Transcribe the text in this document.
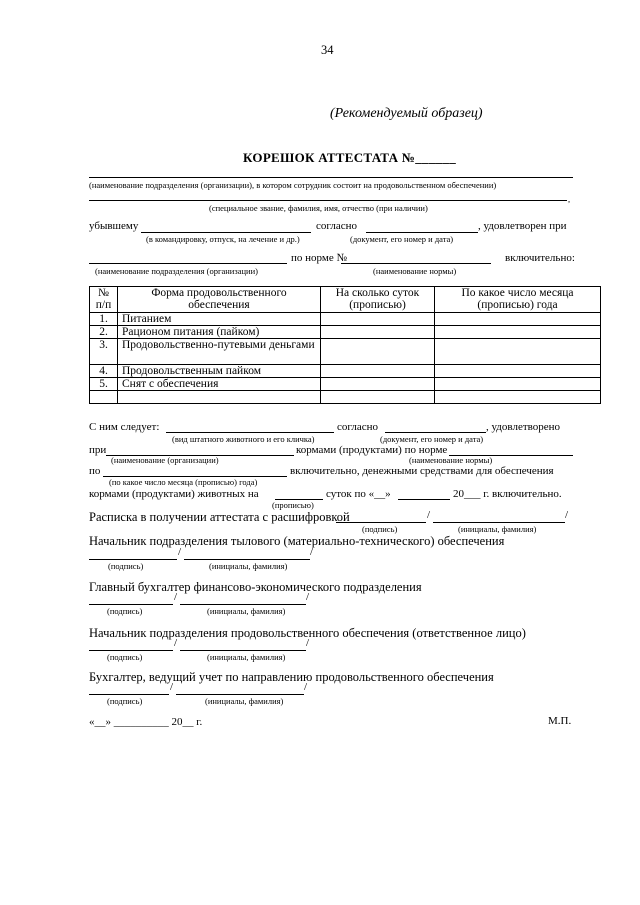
34
(Рекомендуемый образец)
КОРЕШОК АТТЕСТАТА №______
(наименование подразделения (организации), в котором сотрудник состоит на продовольственном обеспечении)
,
(специальное звание, фамилия, имя, отчество (при наличии)
убывшему	согласно	, удовлетворен при
(в командировку, отпуск, на лечение и др.)	(документ, его номер и дата)
по норме №	включительно:
(наименование подразделения (организации)	(наименование нормы)
№ п/п	Форма продовольственного обеспечения	На сколько суток (прописью)	По какое число месяца (прописью) года
1.	Питанием		
2.	Рационом питания (пайком)		
3.	Продовольственно-путевыми деньгами		
4.	Продовольственным пайком		
5.	Снят с обеспечения		

С ним следует:	согласно	, удовлетворено
(вид штатного животного и его кличка)	(документ, его номер и дата)
при	кормами (продуктами) по норме
(наименование (организации)	(наименование нормы)
по	включительно, денежными средствами для обеспечения
(по какое число месяца (прописью) года)
кормами (продуктами) животных на	суток по «__»	20___ г. включительно.
(прописью)
Расписка в получении аттестата с расшифровкой	/	/
(подпись)	(инициалы, фамилия)
Начальник подразделения тылового (материально-технического) обеспечения
/	/
(подпись)	(инициалы, фамилия)
Главный бухгалтер финансово-экономического подразделения
/	/
(подпись)	(инициалы, фамилия)
Начальник подразделения продовольственного обеспечения (ответственное лицо)
/	/
(подпись)	(инициалы, фамилия)
Бухгалтер, ведущий учет по направлению продовольственного обеспечения
/	/
(подпись)	(инициалы, фамилия)
«__» __________ 20__ г.	М.П.
